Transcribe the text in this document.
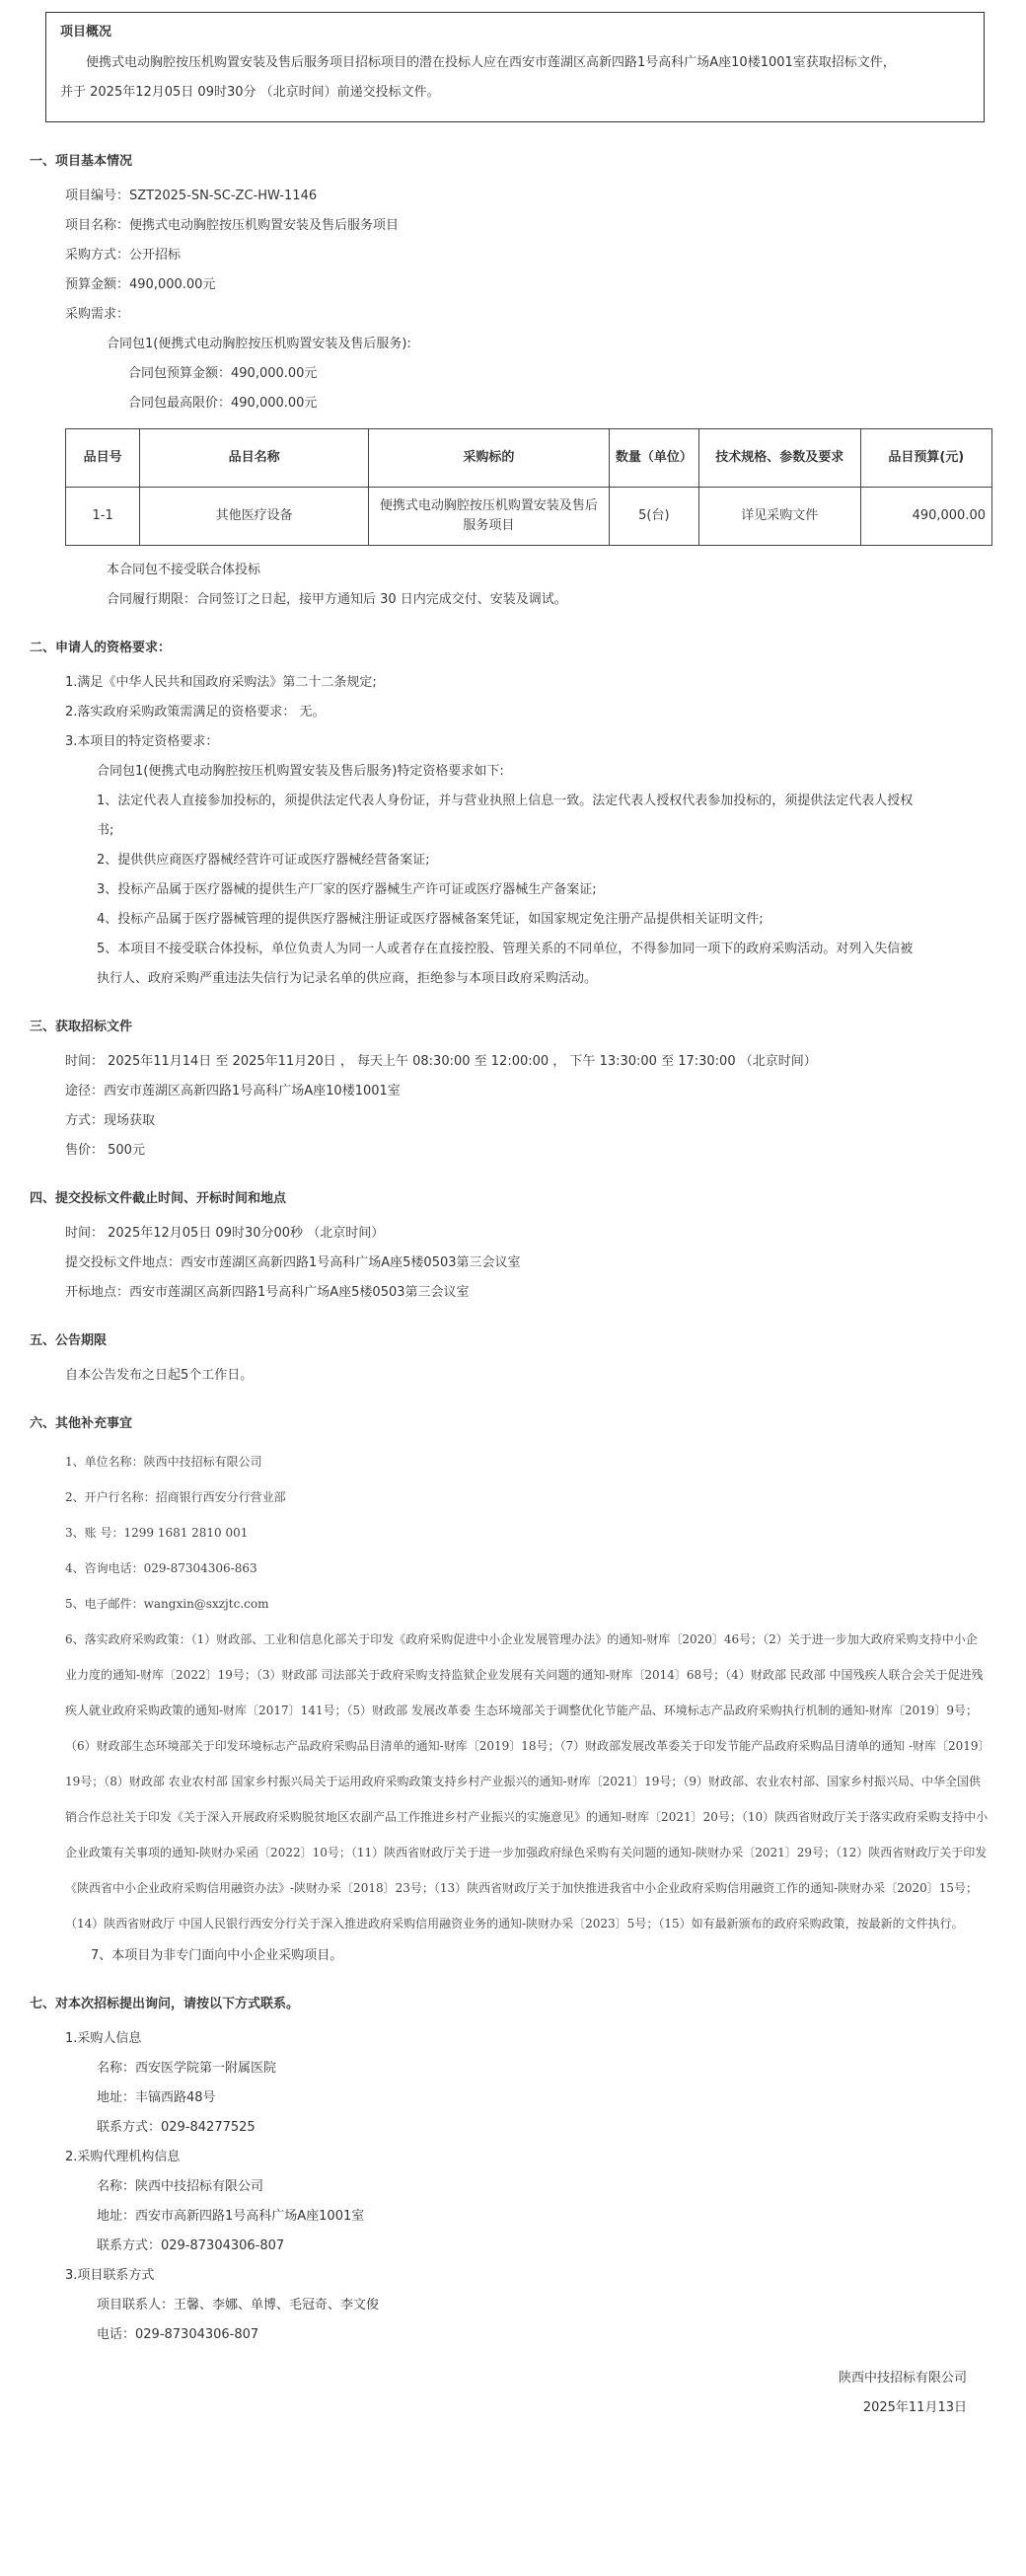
项目概况
便携式电动胸腔按压机购置安装及售后服务项目招标项目的潜在投标人应在西安市莲湖区高新四路1号高科广场A座10楼1001室获取招标文件，
并于 2025年12月05日 09时30分 （北京时间）前递交投标文件。
一、项目基本情况
项目编号：SZT2025-SN-SC-ZC-HW-1146
项目名称：便携式电动胸腔按压机购置安装及售后服务项目
采购方式：公开招标
预算金额：490,000.00元
采购需求：
合同包1(便携式电动胸腔按压机购置安装及售后服务):
合同包预算金额：490,000.00元
合同包最高限价：490,000.00元
品目号	品目名称	采购标的	数量（单位）	技术规格、参数及要求	品目预算(元)
1-1	其他医疗设备	便携式电动胸腔按压机购置安装及售后服务项目	5(台)	详见采购文件	490,000.00
本合同包不接受联合体投标
合同履行期限：合同签订之日起，接甲方通知后 30 日内完成交付、安装及调试。
二、申请人的资格要求：
1.满足《中华人民共和国政府采购法》第二十二条规定;
2.落实政府采购政策需满足的资格要求： 无。
3.本项目的特定资格要求：
合同包1(便携式电动胸腔按压机购置安装及售后服务)特定资格要求如下:
1、法定代表人直接参加投标的，须提供法定代表人身份证，并与营业执照上信息一致。法定代表人授权代表参加投标的，须提供法定代表人授权
书;
2、提供供应商医疗器械经营许可证或医疗器械经营备案证;
3、投标产品属于医疗器械的提供生产厂家的医疗器械生产许可证或医疗器械生产备案证;
4、投标产品属于医疗器械管理的提供医疗器械注册证或医疗器械备案凭证，如国家规定免注册产品提供相关证明文件;
5、本项目不接受联合体投标，单位负责人为同一人或者存在直接控股、管理关系的不同单位，不得参加同一项下的政府采购活动。对列入失信被
执行人、政府采购严重违法失信行为记录名单的供应商，拒绝参与本项目政府采购活动。
三、获取招标文件
时间： 2025年11月14日 至 2025年11月20日 ， 每天上午 08:30:00 至 12:00:00 ， 下午 13:30:00 至 17:30:00 （北京时间）
途径：西安市莲湖区高新四路1号高科广场A座10楼1001室
方式：现场获取
售价： 500元
四、提交投标文件截止时间、开标时间和地点
时间： 2025年12月05日 09时30分00秒 （北京时间）
提交投标文件地点：西安市莲湖区高新四路1号高科广场A座5楼0503第三会议室
开标地点：西安市莲湖区高新四路1号高科广场A座5楼0503第三会议室
五、公告期限
自本公告发布之日起5个工作日。
六、其他补充事宜
1、单位名称：陕西中技招标有限公司
2、开户行名称：招商银行西安分行营业部
3、账 号：1299 1681 2810 001
4、咨询电话：029-87304306-863
5、电子邮件：wangxin@sxzjtc.com
6、落实政府采购政策：（1）财政部、工业和信息化部关于印发《政府采购促进中小企业发展管理办法》的通知-财库〔2020〕46号；（2）关于进一步加大政府采购支持中小企业力度的通知-财库〔2022〕19号；（3）财政部 司法部关于政府采购支持监狱企业发展有关问题的通知-财库〔2014〕68号；（4）财政部 民政部 中国残疾人联合会关于促进残疾人就业政府采购政策的通知-财库〔2017〕141号；（5）财政部 发展改革委 生态环境部关于调整优化节能产品、环境标志产品政府采购执行机制的通知-财库〔2019〕9号；（6）财政部生态环境部关于印发环境标志产品政府采购品目清单的通知-财库〔2019〕18号；（7）财政部发展改革委关于印发节能产品政府采购品目清单的通知 -财库〔2019〕19号；（8）财政部 农业农村部 国家乡村振兴局关于运用政府采购政策支持乡村产业振兴的通知-财库〔2021〕19号；（9）财政部、农业农村部、国家乡村振兴局、中华全国供销合作总社关于印发《关于深入开展政府采购脱贫地区农副产品工作推进乡村产业振兴的实施意见》的通知-财库〔2021〕20号；（10）陕西省财政厅关于落实政府采购支持中小企业政策有关事项的通知-陕财办采函〔2022〕10号；（11）陕西省财政厅关于进一步加强政府绿色采购有关问题的通知-陕财办采〔2021〕29号；（12）陕西省财政厅关于印发《陕西省中小企业政府采购信用融资办法》-陕财办采〔2018〕23号；（13）陕西省财政厅关于加快推进我省中小企业政府采购信用融资工作的通知-陕财办采〔2020〕15号；（14）陕西省财政厅 中国人民银行西安分行关于深入推进政府采购信用融资业务的通知-陕财办采〔2023〕5号；（15）如有最新颁布的政府采购政策，按最新的文件执行。
7、本项目为非专门面向中小企业采购项目。
七、对本次招标提出询问，请按以下方式联系。
1.采购人信息
名称：西安医学院第一附属医院
地址：丰镐西路48号
联系方式：029-84277525
2.采购代理机构信息
名称：陕西中技招标有限公司
地址：西安市高新四路1号高科广场A座1001室
联系方式：029-87304306-807
3.项目联系方式
项目联系人：王馨、李娜、单博、毛冠奇、李文俊
电话：029-87304306-807
陕西中技招标有限公司
2025年11月13日
